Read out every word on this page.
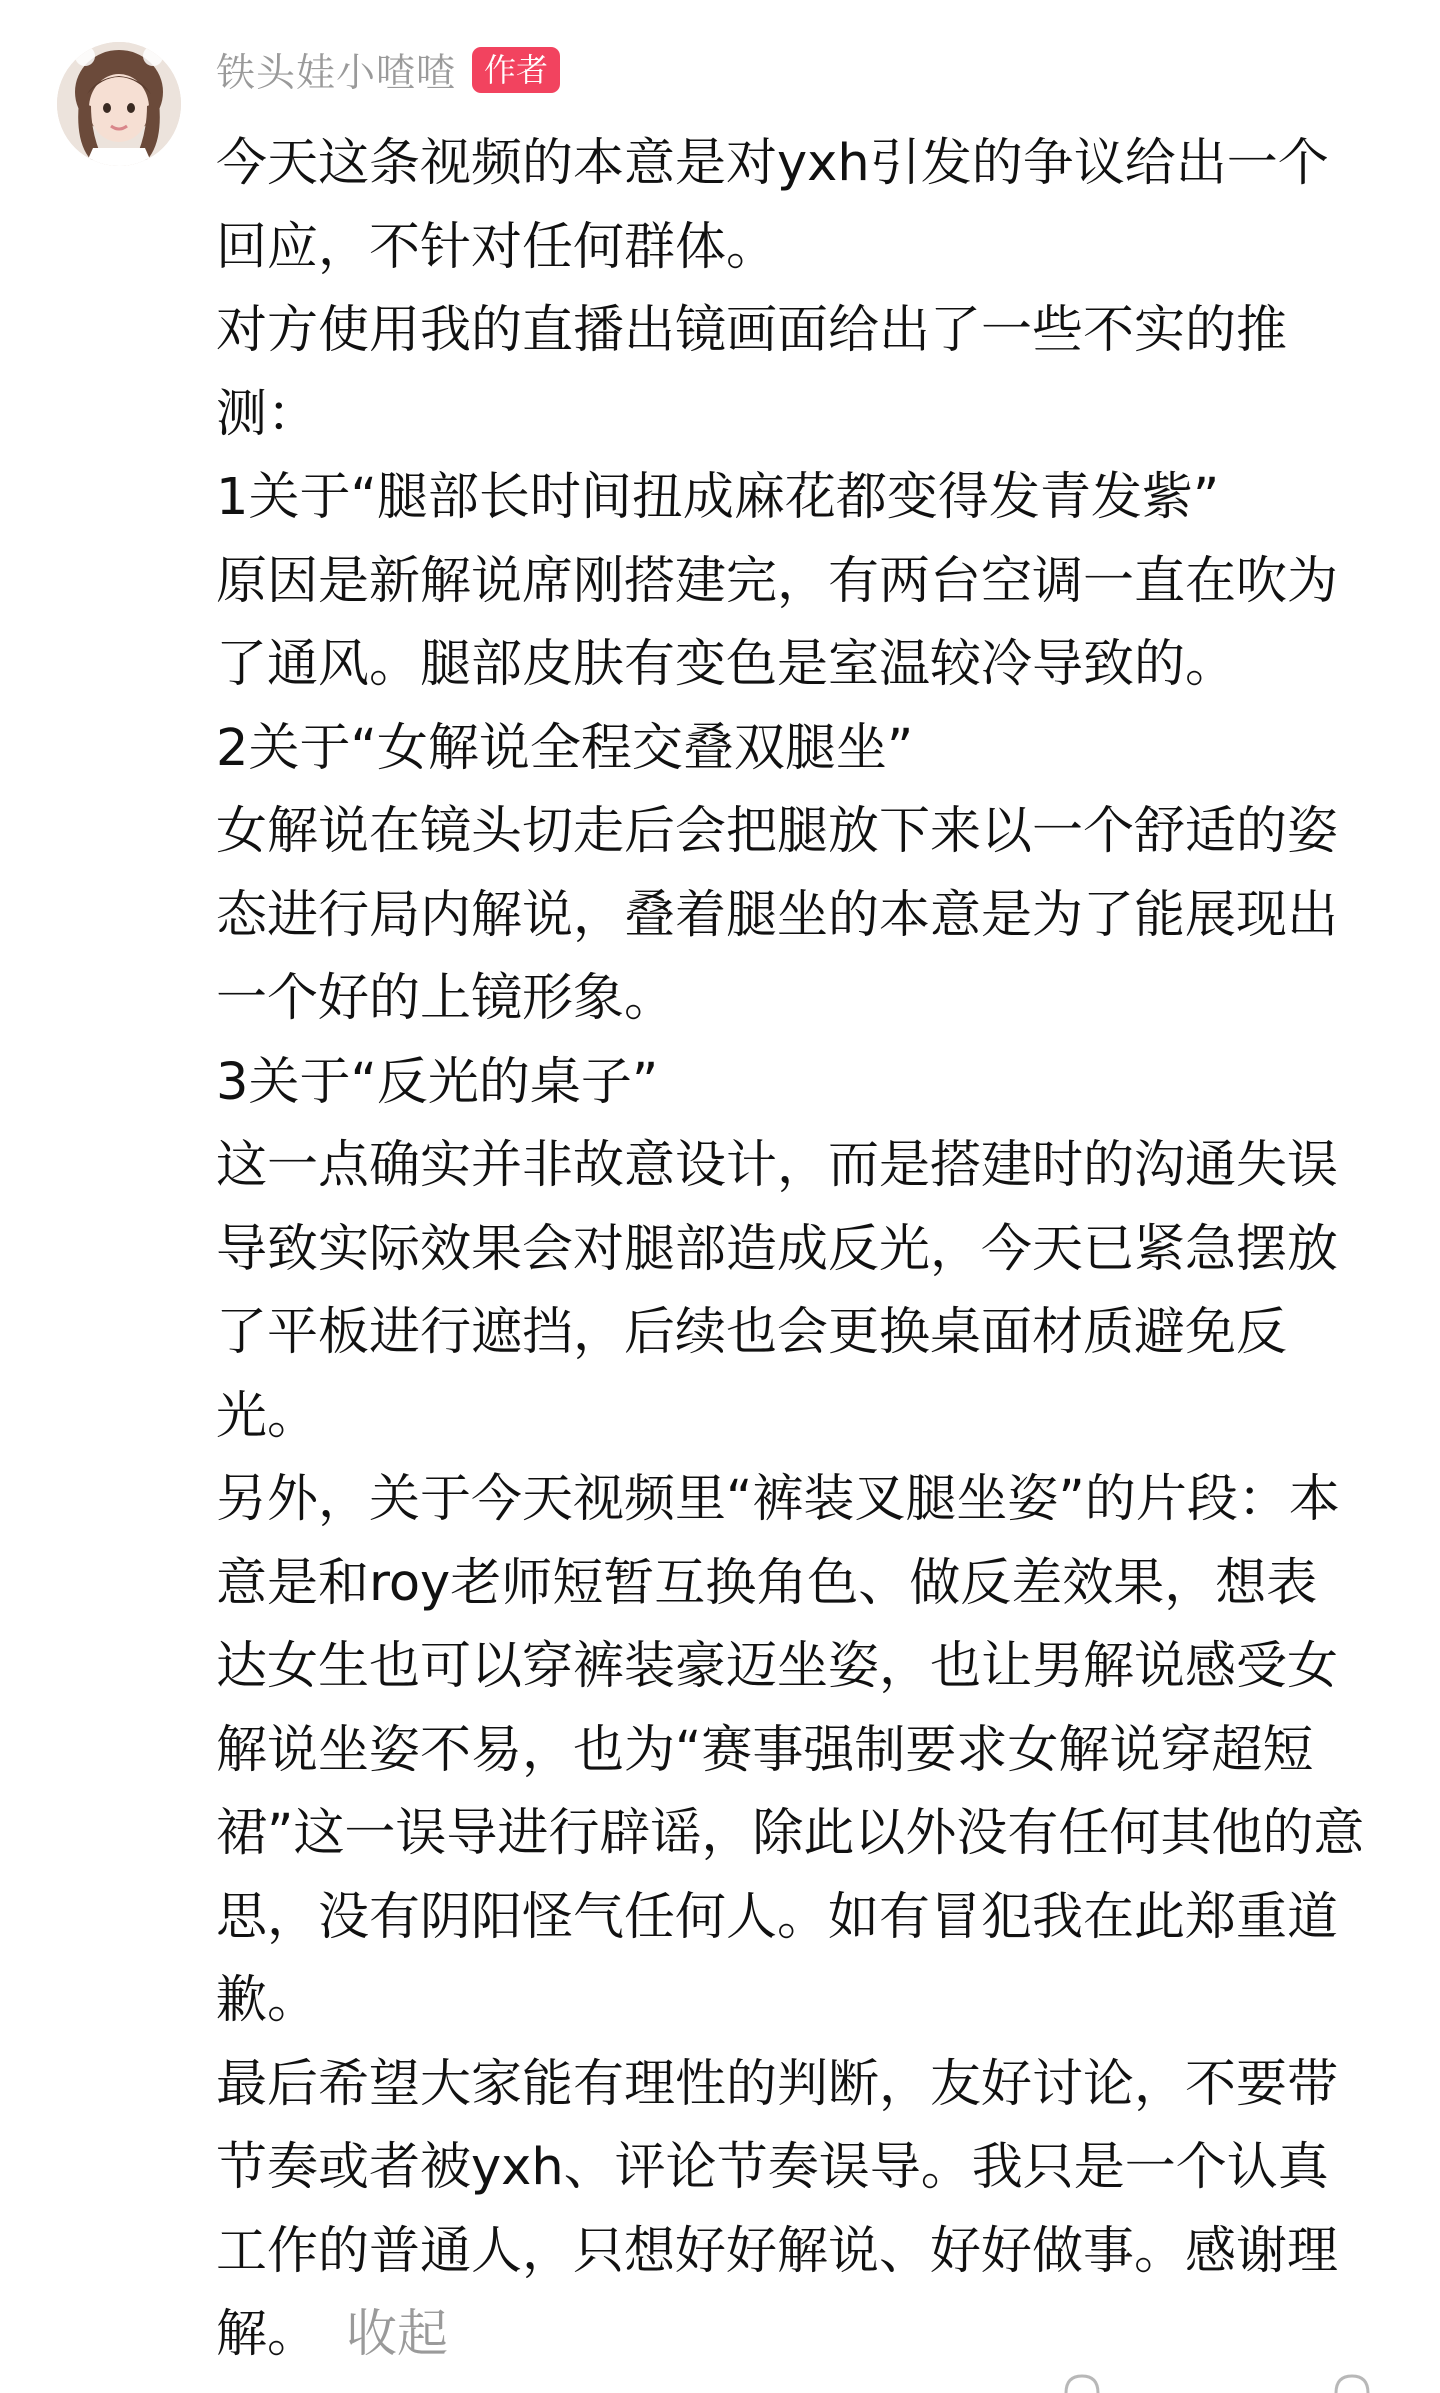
铁头娃小喳喳 作者
今天这条视频的本意是对yxh引发的争议给出一个
回应，不针对任何群体。
对方使用我的直播出镜画面给出了一些不实的推
测：
1关于“腿部长时间扭成麻花都变得发青发紫”
原因是新解说席刚搭建完，有两台空调一直在吹为
了通风。腿部皮肤有变色是室温较冷导致的。
2关于“女解说全程交叠双腿坐”
女解说在镜头切走后会把腿放下来以一个舒适的姿
态进行局内解说，叠着腿坐的本意是为了能展现出
一个好的上镜形象。
3关于“反光的桌子”
这一点确实并非故意设计，而是搭建时的沟通失误
导致实际效果会对腿部造成反光，今天已紧急摆放
了平板进行遮挡，后续也会更换桌面材质避免反
光。
另外，关于今天视频里“裤装叉腿坐姿”的片段：本
意是和roy老师短暂互换角色、做反差效果，想表
达女生也可以穿裤装豪迈坐姿，也让男解说感受女
解说坐姿不易，也为“赛事强制要求女解说穿超短
裙”这一误导进行辟谣，除此以外没有任何其他的意
思，没有阴阳怪气任何人。如有冒犯我在此郑重道
歉。
最后希望大家能有理性的判断，友好讨论，不要带
节奏或者被yxh、评论节奏误导。我只是一个认真
工作的普通人，只想好好解说、好好做事。感谢理
解。 收起
